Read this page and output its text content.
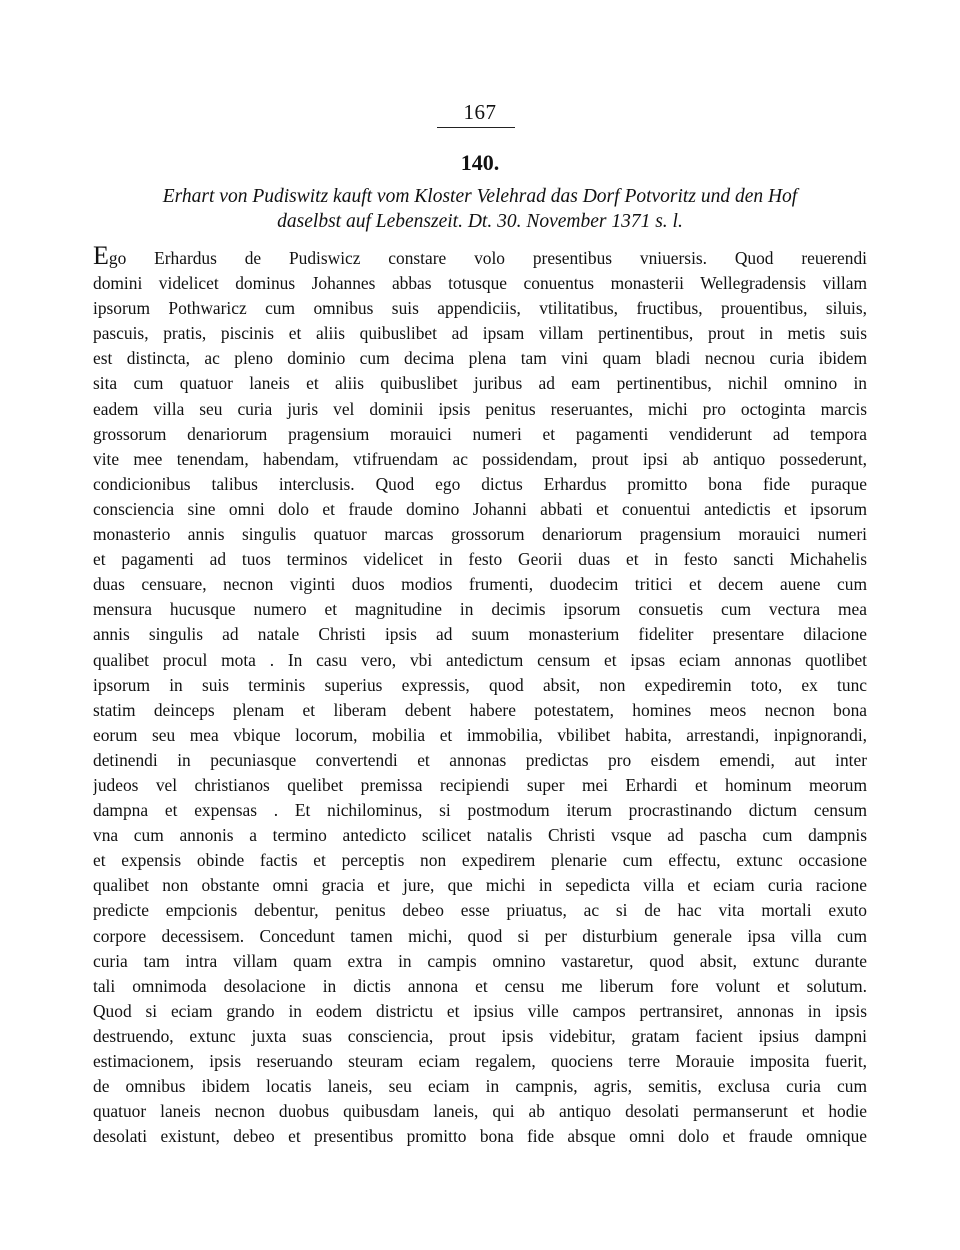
167
140.
Erhart von Pudiswitz kauft vom Kloster Velehrad das Dorf Potvoritz und den Hof
daselbst auf Lebenszeit. Dt. 30. November 1371 s. l.
Ego Erhardus de Pudiswicz constare volo presentibus vniuersis. Quod reuerendi
domini videlicet dominus Johannes abbas totusque conuentus monasterii Wellegradensis villam
ipsorum Pothwaricz cum omnibus suis appendiciis, vtilitatibus, fructibus, prouentibus, siluis,
pascuis, pratis, piscinis et aliis quibuslibet ad ipsam villam pertinentibus, prout in metis suis
est distincta, ac pleno dominio cum decima plena tam vini quam bladi necnou curia ibidem
sita cum quatuor laneis et aliis quibuslibet juribus ad eam pertinentibus, nichil omnino in
eadem villa seu curia juris vel dominii ipsis penitus reseruantes, michi pro octoginta marcis
grossorum denariorum pragensium morauici numeri et pagamenti vendiderunt ad tempora
vite mee tenendam, habendam, vtifruendam ac possidendam, prout ipsi ab antiquo possederunt,
condicionibus talibus interclusis. Quod ego dictus Erhardus promitto bona fide puraque
consciencia sine omni dolo et fraude domino Johanni abbati et conuentui antedictis et ipsorum
monasterio annis singulis quatuor marcas grossorum denariorum pragensium morauici numeri
et pagamenti ad tuos terminos videlicet in festo Georii duas et in festo sancti Michahelis
duas censuare, necnon viginti duos modios frumenti, duodecim tritici et decem auene cum
mensura hucusque numero et magnitudine in decimis ipsorum consuetis cum vectura mea
annis singulis ad natale Christi ipsis ad suum monasterium fideliter presentare dilacione
qualibet procul mota . In casu vero, vbi antedictum censum et ipsas eciam annonas quotlibet
ipsorum in suis terminis superius expressis, quod absit, non expediremin toto, ex tunc
statim deinceps plenam et liberam debent habere potestatem, homines meos necnon bona
eorum seu mea vbique locorum, mobilia et immobilia, vbilibet habita, arrestandi, inpignorandi,
detinendi in pecuniasque convertendi et annonas predictas pro eisdem emendi, aut inter
judeos vel christianos quelibet premissa recipiendi super mei Erhardi et hominum meorum
dampna et expensas . Et nichilominus, si postmodum iterum procrastinando dictum censum
vna cum annonis a termino antedicto scilicet natalis Christi vsque ad pascha cum dampnis
et expensis obinde factis et perceptis non expedirem plenarie cum effectu, extunc occasione
qualibet non obstante omni gracia et jure, que michi in sepedicta villa et eciam curia racione
predicte empcionis debentur, penitus debeo esse priuatus, ac si de hac vita mortali exuto
corpore decessisem. Concedunt tamen michi, quod si per disturbium generale ipsa villa cum
curia tam intra villam quam extra in campis omnino vastaretur, quod absit, extunc durante
tali omnimoda desolacione in dictis annona et censu me liberum fore volunt et solutum.
Quod si eciam grando in eodem districtu et ipsius ville campos pertransiret, annonas in ipsis
destruendo, extunc juxta suas consciencia, prout ipsis videbitur, gratam facient ipsius dampni
estimacionem, ipsis reseruando steuram eciam regalem, quociens terre Morauie imposita fuerit,
de omnibus ibidem locatis laneis, seu eciam in campnis, agris, semitis, exclusa curia cum
quatuor laneis necnon duobus quibusdam laneis, qui ab antiquo desolati permanserunt et hodie
desolati existunt, debeo et presentibus promitto bona fide absque omni dolo et fraude omnique
